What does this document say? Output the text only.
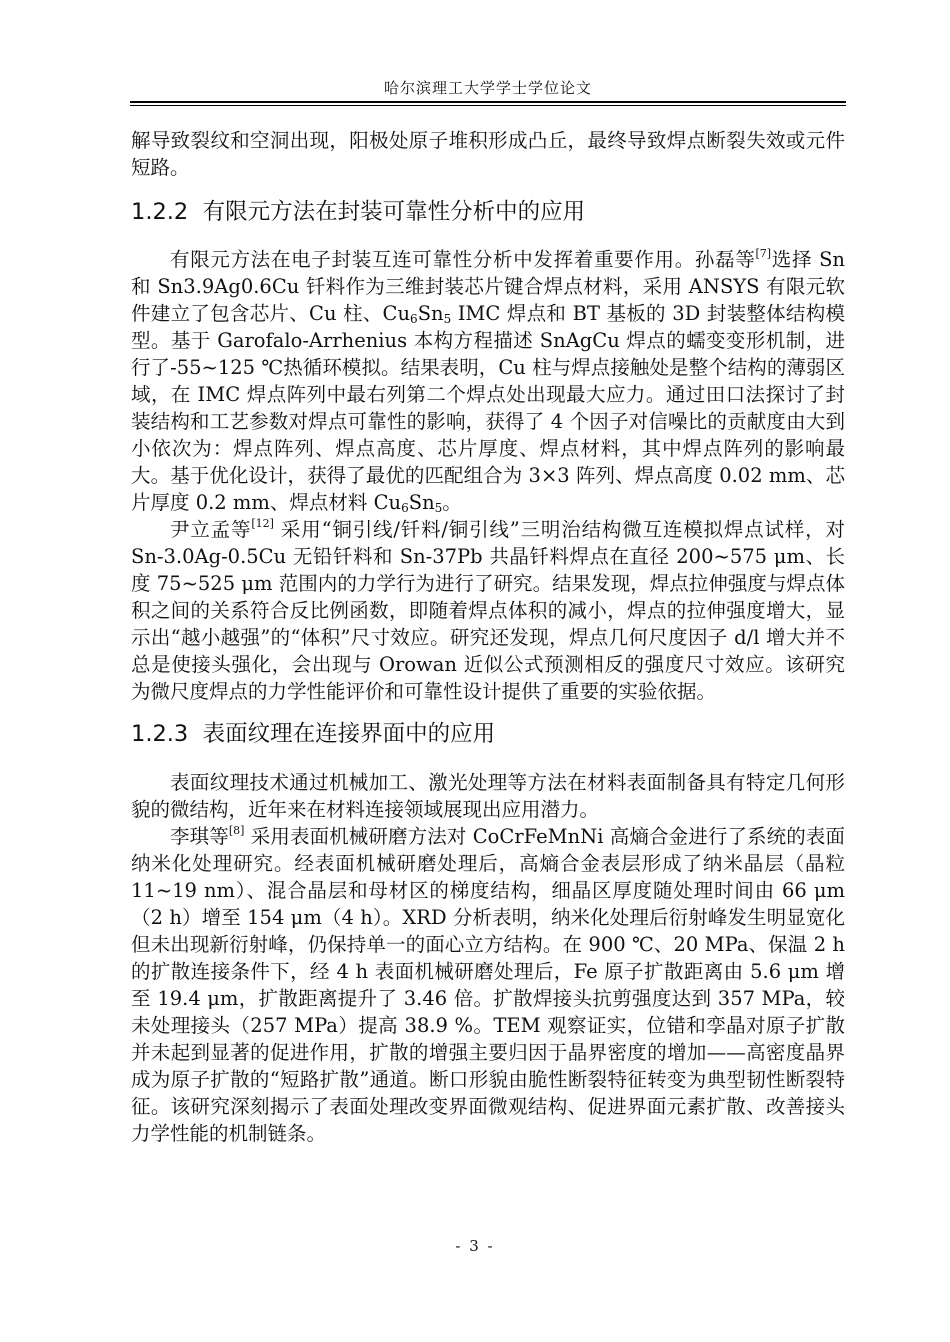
哈尔滨理工大学学士学位论文

解导致裂纹和空洞出现，阳极处原子堆积形成凸丘，最终导致焊点断裂失效或元件短路。

1.2.2 有限元方法在封装可靠性分析中的应用

有限元方法在电子封装互连可靠性分析中发挥着重要作用。孙磊等[7]选择 Sn 和 Sn3.9Ag0.6Cu 钎料作为三维封装芯片键合焊点材料，采用 ANSYS 有限元软件建立了包含芯片、Cu 柱、$Cu_6Sn_5$ IMC 焊点和 BT 基板的 3D 封装整体结构模型。基于 Garofalo-Arrhenius 本构方程描述 SnAgCu 焊点的蠕变变形机制，进行了-55~125 ℃热循环模拟。结果表明，Cu 柱与焊点接触处是整个结构的薄弱区域，在 IMC 焊点阵列中最右列第二个焊点处出现最大应力。通过田口法探讨了封装结构和工艺参数对焊点可靠性的影响，获得了 4 个因子对信噪比的贡献度由大到小依次为：焊点阵列、焊点高度、芯片厚度、焊点材料，其中焊点阵列的影响最大。基于优化设计，获得了最优的匹配组合为 3×3 阵列、焊点高度 0.02 mm、芯片厚度 0.2 mm、焊点材料 $Cu_6Sn_5$。

尹立孟等[12] 采用“铜引线/钎料/铜引线”三明治结构微互连模拟焊点试样，对 Sn-3.0Ag-0.5Cu 无铅钎料和 Sn-37Pb 共晶钎料焊点在直径 200~575 μm、长度 75~525 μm 范围内的力学行为进行了研究。结果发现，焊点拉伸强度与焊点体积之间的关系符合反比例函数，即随着焊点体积的减小，焊点的拉伸强度增大，显示出“越小越强”的“体积”尺寸效应。研究还发现，焊点几何尺度因子 d/l 增大并不总是使接头强化，会出现与 Orowan 近似公式预测相反的强度尺寸效应。该研究为微尺度焊点的力学性能评价和可靠性设计提供了重要的实验依据。

1.2.3 表面纹理在连接界面中的应用

表面纹理技术通过机械加工、激光处理等方法在材料表面制备具有特定几何形貌的微结构，近年来在材料连接领域展现出应用潜力。

李琪等[8] 采用表面机械研磨方法对 CoCrFeMnNi 高熵合金进行了系统的表面纳米化处理研究。经表面机械研磨处理后，高熵合金表层形成了纳米晶层（晶粒 11~19 nm）、混合晶层和母材区的梯度结构，细晶区厚度随处理时间由 66 μm（2 h）增至 154 μm（4 h）。XRD 分析表明，纳米化处理后衍射峰发生明显宽化但未出现新衍射峰，仍保持单一的面心立方结构。在 900 ℃、20 MPa、保温 2 h 的扩散连接条件下，经 4 h 表面机械研磨处理后，Fe 原子扩散距离由 5.6 μm 增至 19.4 μm，扩散距离提升了 3.46 倍。扩散焊接头抗剪强度达到 357 MPa，较未处理接头（257 MPa）提高 38.9 %。TEM 观察证实，位错和孪晶对原子扩散并未起到显著的促进作用，扩散的增强主要归因于晶界密度的增加——高密度晶界成为原子扩散的“短路扩散”通道。断口形貌由脆性断裂特征转变为典型韧性断裂特征。该研究深刻揭示了表面处理改变界面微观结构、促进界面元素扩散、改善接头力学性能的机制链条。

- 3 -
